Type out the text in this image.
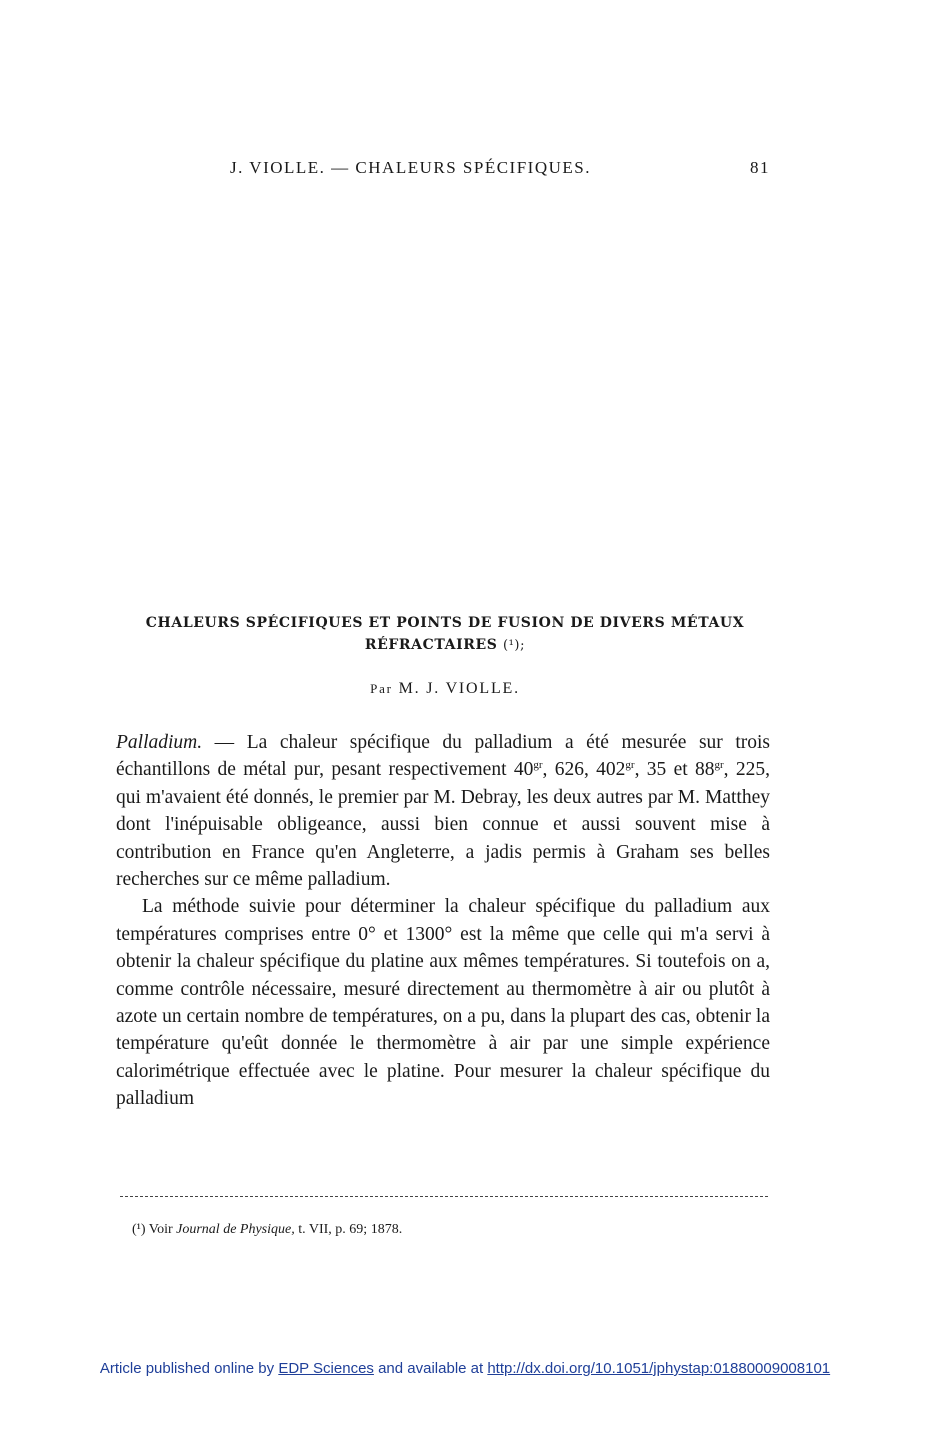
J. VIOLLE. — CHALEURS SPÉCIFIQUES.	81
CHALEURS SPÉCIFIQUES ET POINTS DE FUSION DE DIVERS MÉTAUX
RÉFRACTAIRES (¹);
Par M. J. VIOLLE.

Palladium. — La chaleur spécifique du palladium a été mesurée sur trois échantillons de métal pur, pesant respectivement $40^{gr}$, 626, $402^{gr}$, 35 et $88^{gr}$, 225, qui m'avaient été donnés, le premier par M. Debray, les deux autres par M. Matthey dont l'inépuisable obligeance, aussi bien connue et aussi souvent mise à contribution en France qu'en Angleterre, a jadis permis à Graham ses belles recherches sur ce même palladium.

La méthode suivie pour déterminer la chaleur spécifique du palladium aux températures comprises entre 0° et 1300° est la même que celle qui m'a servi à obtenir la chaleur spécifique du platine aux mêmes températures. Si toutefois on a, comme contrôle nécessaire, mesuré directement au thermomètre à air ou plutôt à azote un certain nombre de températures, on a pu, dans la plupart des cas, obtenir la température qu'eût donnée le thermomètre à air par une simple expérience calorimétrique effectuée avec le platine. Pour mesurer la chaleur spécifique du palladium

(¹) Voir Journal de Physique, t. VII, p. 69; 1878.
Article published online by EDP Sciences and available at http://dx.doi.org/10.1051/jphystap:01880009008101
